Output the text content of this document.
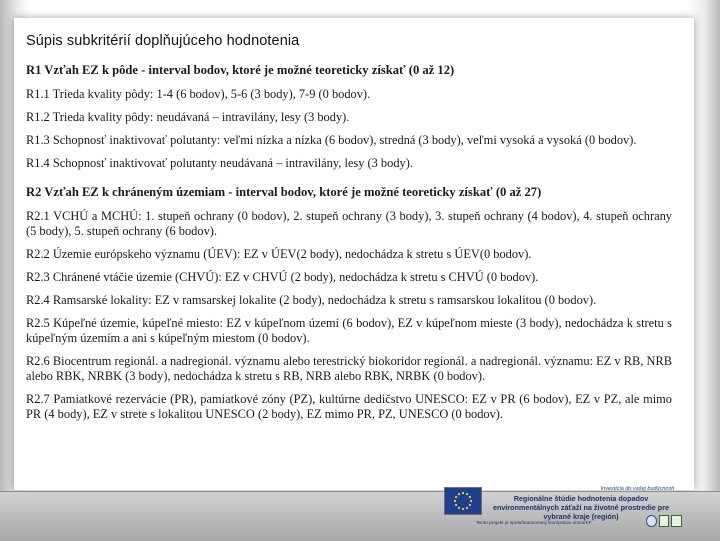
Súpis subkritérií doplňujúceho hodnotenia
R1 Vzťah EZ k pôde - interval bodov, ktoré je možné teoreticky získať (0 až 12)
R1.1 Trieda kvality pôdy: 1-4 (6 bodov), 5-6 (3 body), 7-9 (0 bodov).
R1.2 Trieda kvality pôdy: neudávaná – intravilány, lesy (3 body).
R1.3 Schopnosť inaktivovať polutanty: veľmi nízka a nízka (6 bodov), stredná (3 body), veľmi vysoká a vysoká (0 bodov).
R1.4 Schopnosť inaktivovať polutanty neudávaná – intravilány, lesy (3 body).
R2 Vzťah EZ k chráneným územiam - interval bodov, ktoré je možné teoreticky získať (0 až 27)
R2.1 VCHÚ a MCHÚ: 1. stupeň ochrany (0 bodov), 2. stupeň ochrany (3 body), 3. stupeň ochrany (4 bodov), 4. stupeň ochrany (5 body), 5. stupeň ochrany (6 bodov).
R2.2 Územie európskeho významu (ÚEV): EZ v ÚEV(2 body), nedochádza k stretu s ÚEV(0 bodov).
R2.3 Chránené vtáčie územie (CHVÚ): EZ v CHVÚ (2 body), nedochádza k stretu s CHVÚ (0 bodov).
R2.4 Ramsarské lokality: EZ v ramsarskej lokalite (2 body), nedochádza k stretu s ramsarskou lokalitou (0 bodov).
R2.5 Kúpeľné územie, kúpeľné miesto: EZ v kúpeľnom území (6 bodov), EZ v kúpeľnom mieste (3 body), nedochádza k stretu s kúpeľným územím a ani s kúpeľným miestom (0 bodov).
R2.6 Biocentrum regionál. a nadregionál. významu alebo terestrický biokoridor regionál. a nadregionál. významu: EZ v RB, NRB alebo RBK, NRBK (3 body), nedochádza k stretu s RB, NRB alebo RBK, NRBK (0 bodov).
R2.7 Pamiatkové rezervácie (PR), pamiatkové zóny (PZ), kultúrne dedičstvo UNESCO: EZ v PR (6 bodov), EZ v PZ, ale mimo PR (4 body), EZ v strete s lokalitou UNESCO (2 body), EZ mimo PR, PZ, UNESCO (0 bodov).
Investícia do vašej budúcnosti
Regionálne štúdie hodnotenia dopadov environmentálnych záťaží na životné prostredie pre vybrané kraje (región)
Tento projekt je spolufinancovaný Európskou úniou/KF
